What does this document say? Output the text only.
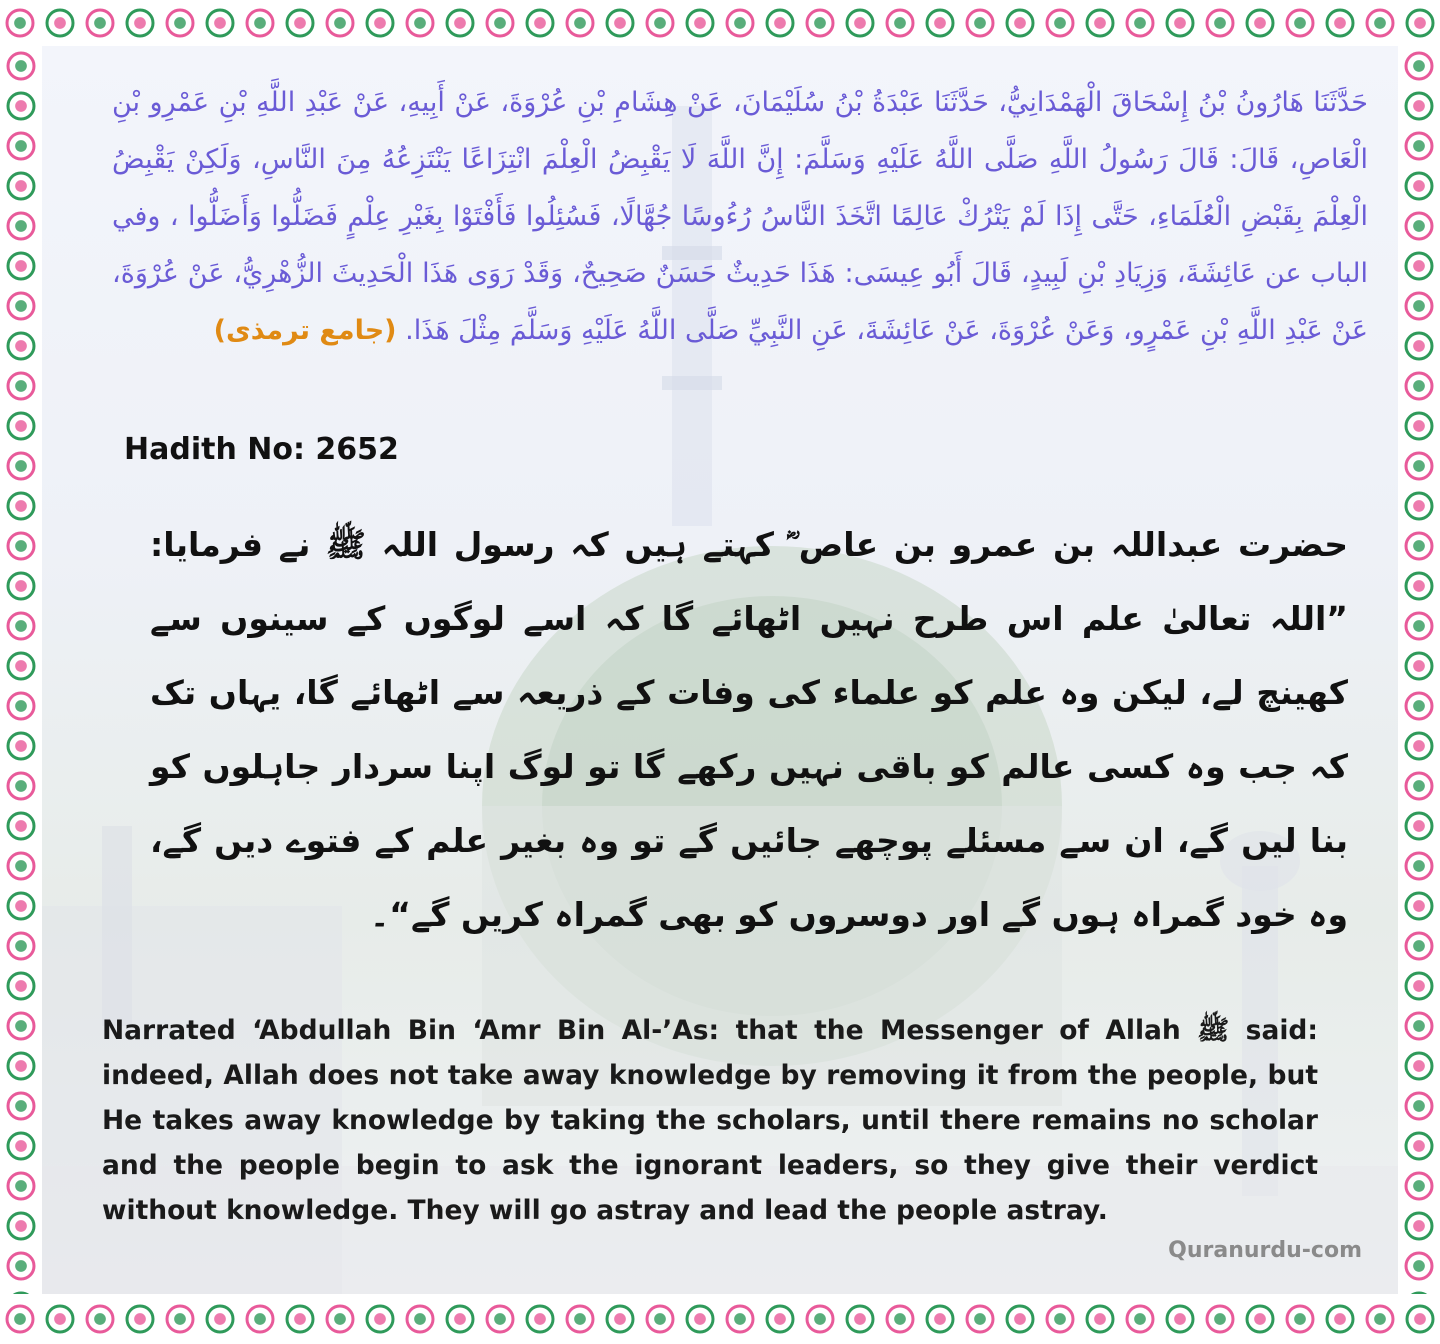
حَدَّثَنَا هَارُونُ بْنُ إِسْحَاقَ الْهَمْدَانِيُّ، حَدَّثَنَا عَبْدَةُ بْنُ سُلَيْمَانَ، عَنْ هِشَامِ بْنِ عُرْوَةَ، عَنْ أَبِيهِ، عَنْ عَبْدِ اللَّهِ بْنِ عَمْرِو بْنِ الْعَاصِ، قَالَ: قَالَ رَسُولُ اللَّهِ صَلَّى اللَّهُ عَلَيْهِ وَسَلَّمَ: إِنَّ اللَّهَ لَا يَقْبِضُ الْعِلْمَ انْتِزَاعًا يَنْتَزِعُهُ مِنَ النَّاسِ، وَلَكِنْ يَقْبِضُ الْعِلْمَ بِقَبْضِ الْعُلَمَاءِ، حَتَّى إِذَا لَمْ يَتْرُكْ عَالِمًا اتَّخَذَ النَّاسُ رُءُوسًا جُهَّالًا، فَسُئِلُوا فَأَفْتَوْا بِغَيْرِ عِلْمٍ فَضَلُّوا وَأَضَلُّوا ، وفي الباب عن عَائِشَةَ، وَزِيَادِ بْنِ لَبِيدٍ، قَالَ أَبُو عِيسَى: هَذَا حَدِيثٌ حَسَنٌ صَحِيحٌ، وَقَدْ رَوَى هَذَا الْحَدِيثَ الزُّهْرِيُّ، عَنْ عُرْوَةَ، عَنْ عَبْدِ اللَّهِ بْنِ عَمْرٍو، وَعَنْ عُرْوَةَ، عَنْ عَائِشَةَ، عَنِ النَّبِيِّ صَلَّى اللَّهُ عَلَيْهِ وَسَلَّمَ مِثْلَ هَذَا. (جامع ترمذی)
Hadith No: 2652
حضرت عبداللہ بن عمرو بن عاص ؓ کہتے ہیں کہ رسول اللہ ﷺ نے فرمایا: ”اللہ تعالیٰ علم اس طرح نہیں اٹھائے گا کہ اسے لوگوں کے سینوں سے کھینچ لے، لیکن وہ علم کو علماء کی وفات کے ذریعہ سے اٹھائے گا، یہاں تک کہ جب وہ کسی عالم کو باقی نہیں رکھے گا تو لوگ اپنا سردار جاہلوں کو بنا لیں گے، ان سے مسئلے پوچھے جائیں گے تو وہ بغیر علم کے فتوے دیں گے، وہ خود گمراہ ہوں گے اور دوسروں کو بھی گمراہ کریں گے“۔
Narrated ‘Abdullah Bin ‘Amr Bin Al-’As: that the Messenger of Allah ﷺ said: indeed, Allah does not take away knowledge by removing it from the people, but He takes away knowledge by taking the scholars, until there remains no scholar and the people begin to ask the ignorant leaders, so they give their verdict without knowledge. They will go astray and lead the people astray.
Quranurdu-com
